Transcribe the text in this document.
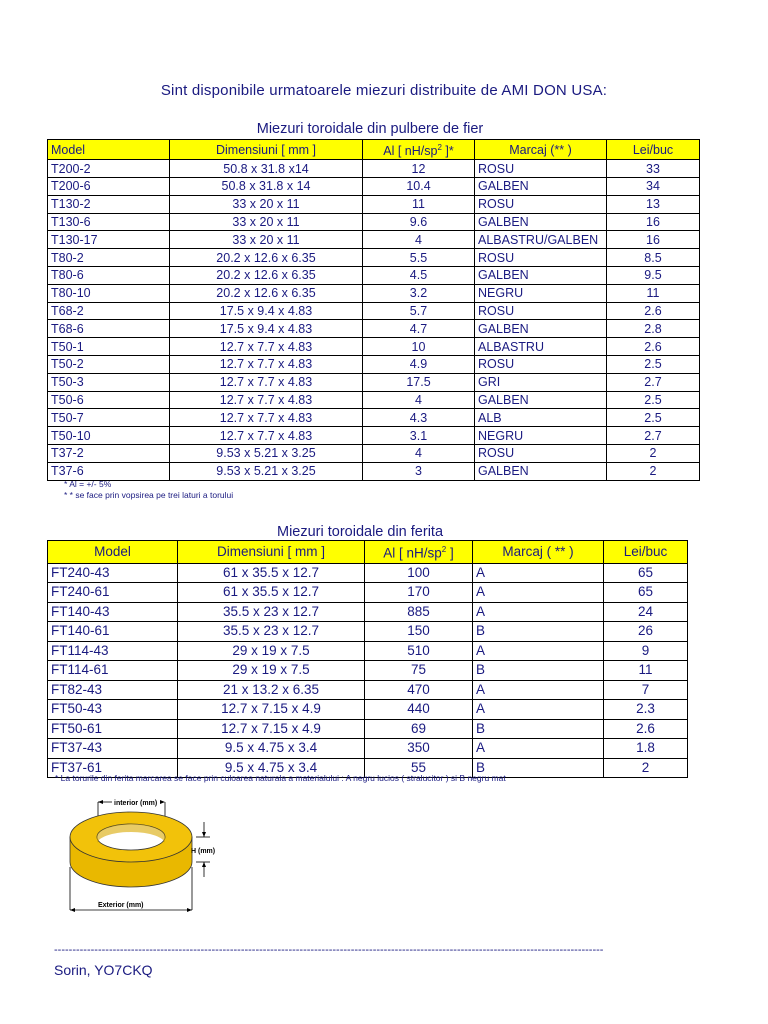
Sint disponibile urmatoarele miezuri distribuite de AMI DON USA:
Miezuri toroidale din pulbere de fier
Model	Dimensiuni [ mm ]	Al [ $nH/sp^2$ ]*	Marcaj (** )	Lei/buc
T200-2	50.8 x 31.8 x14	12	ROSU	33
T200-6	50.8 x 31.8 x 14	10.4	GALBEN	34
T130-2	33 x 20 x 11	11	ROSU	13
T130-6	33 x 20 x 11	9.6	GALBEN	16
T130-17	33 x 20 x 11	4	ALBASTRU/GALBEN	16
T80-2	20.2 x 12.6 x 6.35	5.5	ROSU	8.5
T80-6	20.2 x 12.6 x 6.35	4.5	GALBEN	9.5
T80-10	20.2 x 12.6 x 6.35	3.2	NEGRU	11
T68-2	17.5 x 9.4 x 4.83	5.7	ROSU	2.6
T68-6	17.5 x 9.4 x 4.83	4.7	GALBEN	2.8
T50-1	12.7 x 7.7 x 4.83	10	ALBASTRU	2.6
T50-2	12.7 x 7.7 x 4.83	4.9	ROSU	2.5
T50-3	12.7 x 7.7 x 4.83	17.5	GRI	2.7
T50-6	12.7 x 7.7 x 4.83	4	GALBEN	2.5
T50-7	12.7 x 7.7 x 4.83	4.3	ALB	2.5
T50-10	12.7 x 7.7 x 4.83	3.1	NEGRU	2.7
T37-2	9.53 x 5.21 x 3.25	4	ROSU	2
T37-6	9.53 x 5.21 x 3.25	3	GALBEN	2
* Al = +/- 5%
* * se face prin vopsirea pe trei laturi a torului
Miezuri toroidale din ferita
Model	Dimensiuni [ mm ]	Al [ $nH/sp^2$ ]	Marcaj ( ** )	Lei/buc
FT240-43	61 x 35.5 x 12.7	100	A	65
FT240-61	61 x 35.5 x 12.7	170	A	65
FT140-43	35.5 x 23 x 12.7	885	A	24
FT140-61	35.5 x 23 x 12.7	150	B	26
FT114-43	29 x 19 x 7.5	510	A	9
FT114-61	29 x 19 x 7.5	75	B	11
FT82-43	21 x 13.2 x 6.35	470	A	7
FT50-43	12.7 x 7.15 x 4.9	440	A	2.3
FT50-61	12.7 x 7.15 x 4.9	69	B	2.6
FT37-43	9.5 x 4.75 x 3.4	350	A	1.8
FT37-61	9.5 x 4.75 x 3.4	55	B	2
* La torurile din ferita marcarea se face prin culoarea naturala a materialului : A negru lucios ( stralucitor ) si B negru mat
interior (mm)
H (mm)
Exterior (mm)
------------------------------------------------------------------------------------------------------------------------------------------------------
Sorin, YO7CKQ
